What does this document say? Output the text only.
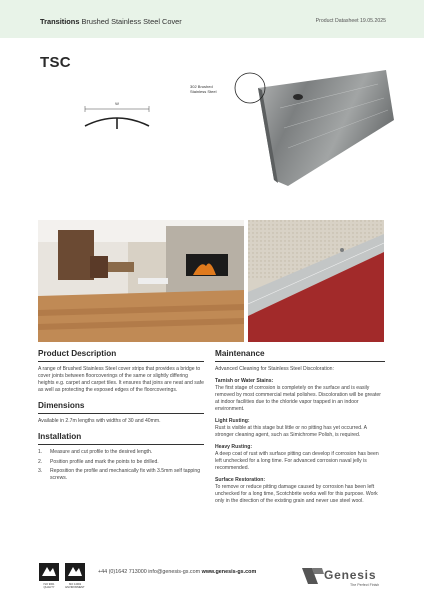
Transitions Brushed Stainless Steel Cover	Product Datasheet 19.05.2025
TSC
W
302 Brushed Stainless Steel
Product Description
A range of Brushed Stainless Steel cover strips that provides a bridge to cover joints between floorcoverings of the same or slightly differing heights e.g. carpet and carpet tiles. It ensures that joins are neat and safe as well as protecting the exposed edges of the floorcoverings.
Dimensions
Available in 2.7m lengths with widths of 30 and 40mm.
Installation
1.	Measure and cut profile to the desired length.
2.	Position profile and mark the points to be drilled.
3.	Reposition the profile and mechanically fix with 3.5mm self tapping screws.
Maintenance
Advanced Cleaning for Stainless Steel Discoloration:
Tarnish or Water Stains:
The first stage of corrosion is completely on the surface and is easily removed by most commercial metal polishes. Discoloration will be greater at indoor facilities due to the chloride vapor trapped in an indoor environment.
Light Rusting:
Rust is visible at this stage but little or no pitting has yet occurred. A stronger cleaning agent, such as Simichrome Polish, is required.
Heavy Rusting:
A deep coat of rust with surface pitting can develop if corrosion has been left unchecked for a long time. For advanced corrosion naval jelly is recommended.
Surface Restoration:
To remove or reduce pitting damage caused by corrosion has been left unchecked for a long time, Scotchbrite works well for this purpose. Work only in the direction of the existing grain and never use steel wool.
ISO 9001 QUALITY
ISO 14001 ENVIRONMENT
+44 (0)1642 713000 info@genesis-gs.com www.genesis-gs.com	Genesis
The Perfect Finish
